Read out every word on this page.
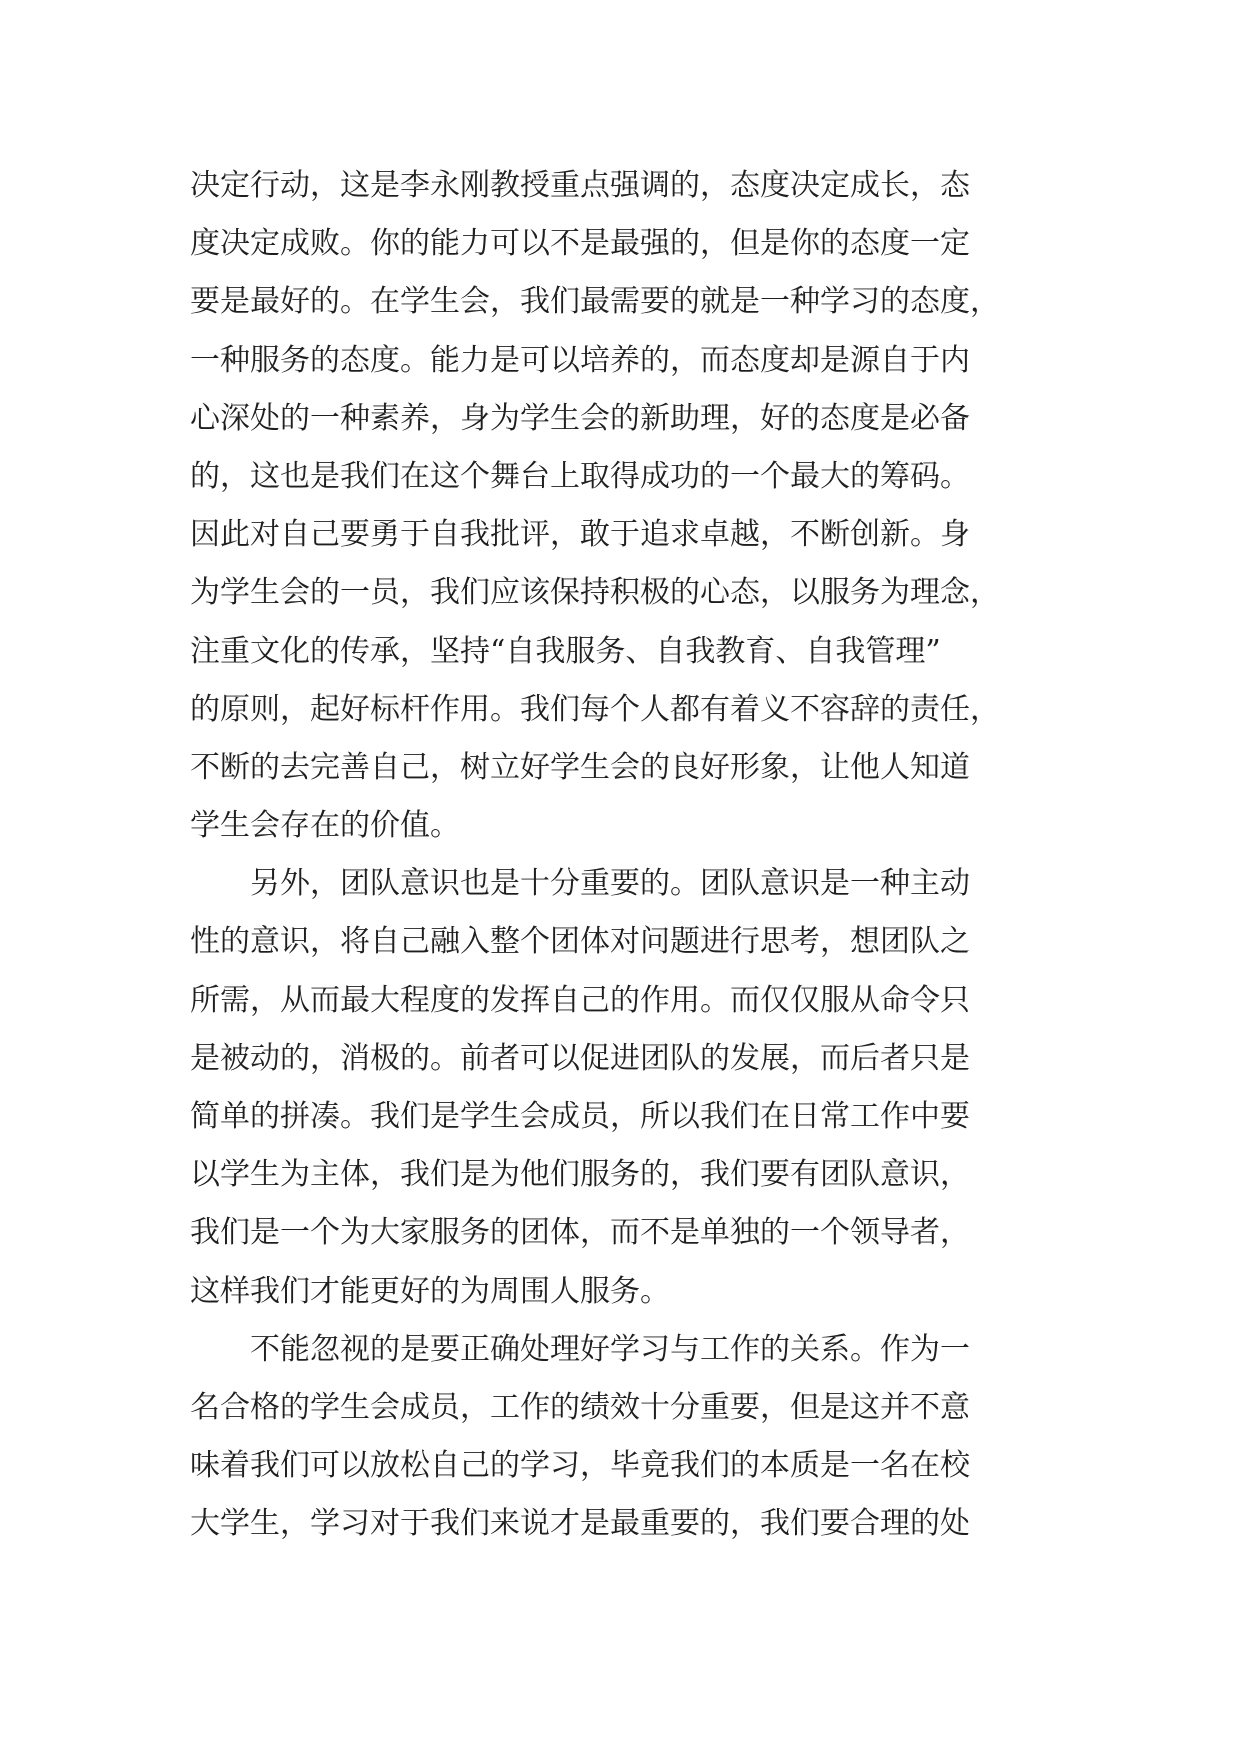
决定行动，这是李永刚教授重点强调的，态度决定成长，态
度决定成败。你的能力可以不是最强的，但是你的态度一定
要是最好的。在学生会，我们最需要的就是一种学习的态度，
一种服务的态度。能力是可以培养的，而态度却是源自于内
心深处的一种素养，身为学生会的新助理，好的态度是必备
的，这也是我们在这个舞台上取得成功的一个最大的筹码。
因此对自己要勇于自我批评，敢于追求卓越，不断创新。身
为学生会的一员，我们应该保持积极的心态，以服务为理念，
注重文化的传承，坚持“自我服务、自我教育、自我管理”
的原则，起好标杆作用。我们每个人都有着义不容辞的责任，
不断的去完善自己，树立好学生会的良好形象，让他人知道
学生会存在的价值。
　　另外，团队意识也是十分重要的。团队意识是一种主动
性的意识，将自己融入整个团体对问题进行思考，想团队之
所需，从而最大程度的发挥自己的作用。而仅仅服从命令只
是被动的，消极的。前者可以促进团队的发展，而后者只是
简单的拼凑。我们是学生会成员，所以我们在日常工作中要
以学生为主体，我们是为他们服务的，我们要有团队意识，
我们是一个为大家服务的团体，而不是单独的一个领导者，
这样我们才能更好的为周围人服务。
　　不能忽视的是要正确处理好学习与工作的关系。作为一
名合格的学生会成员，工作的绩效十分重要，但是这并不意
味着我们可以放松自己的学习，毕竟我们的本质是一名在校
大学生，学习对于我们来说才是最重要的，我们要合理的处
